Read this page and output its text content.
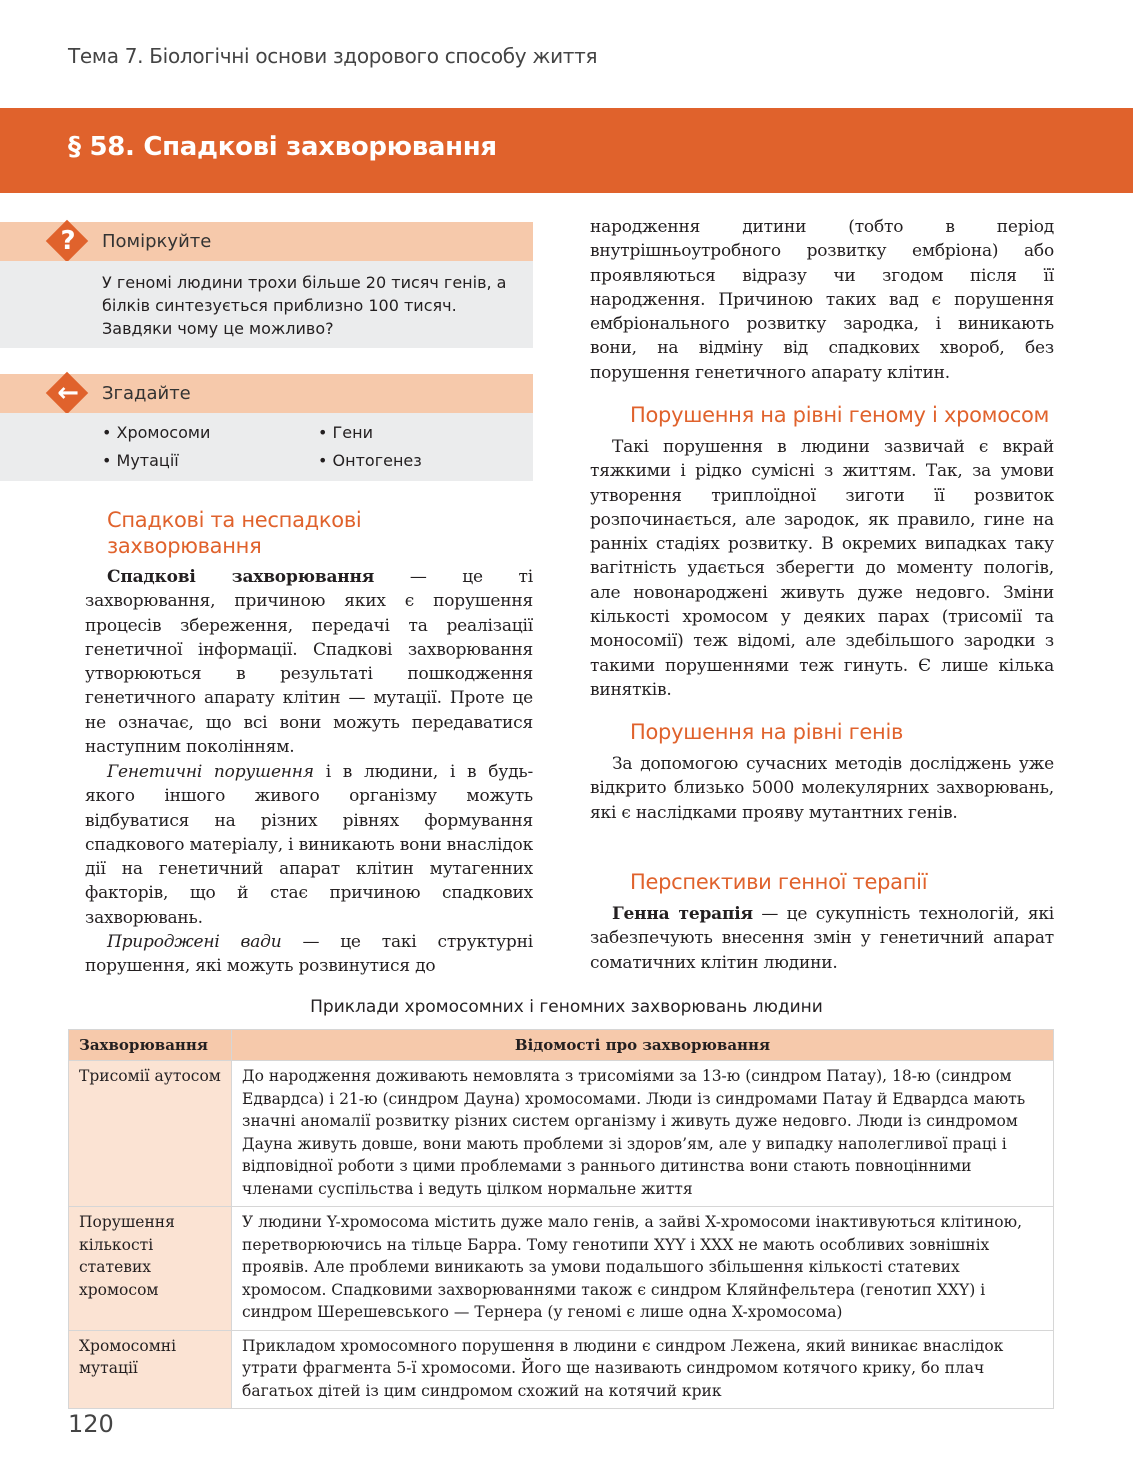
Тема 7. Біологічні основи здорового способу життя
§ 58. Спадкові захворювання
?	Поміркуйте
У геномі людини трохи більше 20 тисяч генів, а білків синтезується приблизно 100 тисяч. Завдяки чому це можливо?
←	Згадайте
• Хромосоми	• Гени
• Мутації	• Онтогенез
Спадкові та неспадкові захворювання

Спадкові захворювання — це ті захворювання, причиною яких є порушення процесів збереження, передачі та реалізації генетичної інформації. Спадкові захворювання утворюються в результаті пошкодження генетичного апарату клітин — мутації. Проте це не означає, що всі вони можуть передаватися наступним поколінням.

Генетичні порушення і в людини, і в будь-якого іншого живого організму можуть відбуватися на різних рівнях формування спадкового матеріалу, і виникають вони внаслідок дії на генетичний апарат клітин мутагенних факторів, що й стає причиною спадкових захворювань.

Природжені вади — це такі структурні порушення, які можуть розвинутися до

народження дитини (тобто в період внутрішньоутробного розвитку ембріона) або проявляються відразу чи згодом після її народження. Причиною таких вад є порушення ембріонального розвитку зародка, і виникають вони, на відміну від спадкових хвороб, без порушення генетичного апарату клітин.

Порушення на рівні геному і хромосом

Такі порушення в людини зазвичай є вкрай тяжкими і рідко сумісні з життям. Так, за умови утворення триплоїдної зиготи її розвиток розпочинається, але зародок, як правило, гине на ранніх стадіях розвитку. В окремих випадках таку вагітність удається зберегти до моменту пологів, але новонароджені живуть дуже недовго. Зміни кількості хромосом у деяких парах (трисомії та моносомії) теж відомі, але здебільшого зародки з такими порушеннями теж гинуть. Є лише кілька винятків.

Порушення на рівні генів

За допомогою сучасних методів досліджень уже відкрито близько 5000 молекулярних захворювань, які є наслідками прояву мутантних генів.

Перспективи генної терапії

Генна терапія — це сукупність технологій, які забезпечують внесення змін у генетичний апарат соматичних клітин людини.

Приклади хромосомних і геномних захворювань людини
Захворювання	Відомості про захворювання
Трисомії аутосом	До народження доживають немовлята з трисоміями за 13-ю (синдром Патау), 18-ю (синдром Едвардса) і 21-ю (синдром Дауна) хромосомами. Люди із синдромами Патау й Едвардса мають значні аномалії розвитку різних систем організму і живуть дуже недовго. Люди із синдромом Дауна живуть довше, вони мають проблеми зі здоров’ям, але у випадку наполегливої праці і відповідної роботи з цими проблемами з раннього дитинства вони стають повноцінними членами суспільства і ведуть цілком нормальне життя
Порушення кількості статевих хромосом	У людини Y-хромосома містить дуже мало генів, а зайві X-хромосоми інактивуються клітиною, перетворюючись на тільце Барра. Тому генотипи XYY і XXX не мають особливих зовнішніх проявів. Але проблеми виникають за умови подальшого збільшення кількості статевих хромосом. Спадковими захворюваннями також є синдром Кляйнфельтера (генотип XXY) і синдром Шерешевського — Тернера (у геномі є лише одна X-хромосома)
Хромосомні мутації	Прикладом хромосомного порушення в людини є синдром Лежена, який виникає внаслідок утрати фрагмента 5-ї хромосоми. Його ще називають синдромом котячого крику, бо плач багатьох дітей із цим синдромом схожий на котячий крик
120
